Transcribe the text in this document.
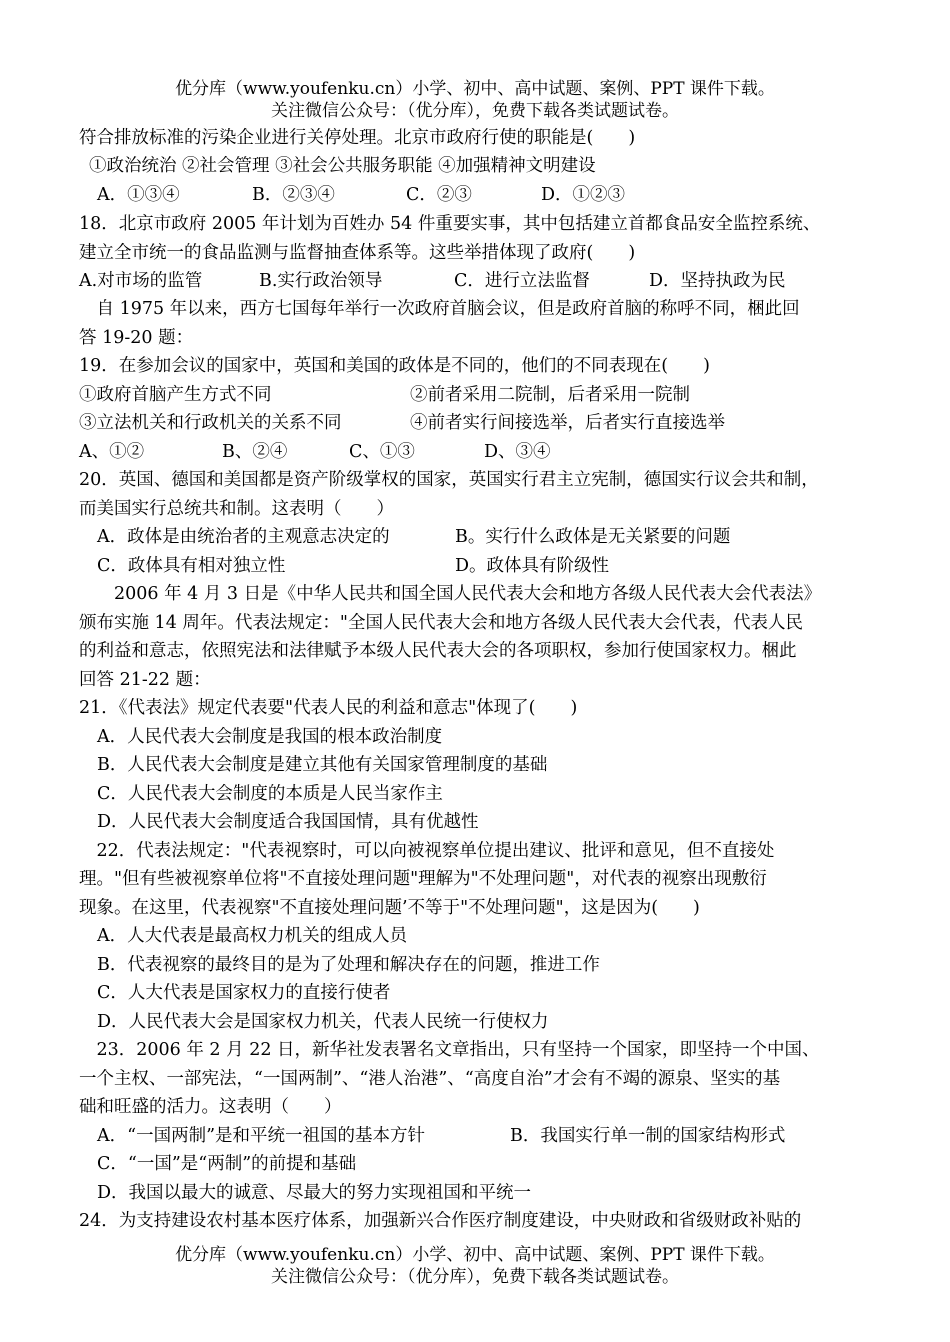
优分库（www.youfenku.cn）小学、初中、高中试题、案例、PPT 课件下载。
关注微信公众号：（优分库），免费下载各类试题试卷。
符合排放标准的污染企业进行关停处理。北京市政府行使的职能是(　　)
①政治统治 ②社会管理 ③社会公共服务职能 ④加强精神文明建设
A．①③④	B．②③④	C．②③	D．①②③
18．北京市政府 2005 年计划为百姓办 54 件重要实事，其中包括建立首都食品安全监控系统、
建立全市统一的食品监测与监督抽查体系等。这些举措体现了政府(　　)
A.对市场的监管	B.实行政治领导	C．进行立法监督	D．坚持执政为民
　自 1975 年以来，西方七国每年举行一次政府首脑会议，但是政府首脑的称呼不同，梱此回
答 19-20 题：
19．在参加会议的国家中，英国和美国的政体是不同的，他们的不同表现在(　　)
①政府首脑产生方式不同	②前者采用二院制，后者采用一院制
③立法机关和行政机关的关系不同	④前者实行间接选举，后者实行直接选举
A、①②	B、②④	C、①③	D、③④
20．英国、德国和美国都是资产阶级掌权的国家，英国实行君主立宪制，德国实行议会共和制，
而美国实行总统共和制。这表明（　　）
A．政体是由统治者的主观意志决定的	B。实行什么政体是无关紧要的问题
C．政体具有相对独立性	D。政体具有阶级性
　　2006 年 4 月 3 日是《中华人民共和国全国人民代表大会和地方各级人民代表大会代表法》
颁布实施 14 周年。代表法规定："全国人民代表大会和地方各级人民代表大会代表，代表人民
的利益和意志，依照宪法和法律赋予本级人民代表大会的各项职权，参加行使国家权力。梱此
回答 21-22 题：
21．《代表法》规定代表要"代表人民的利益和意志"体现了(　　)
A．人民代表大会制度是我国的根本政治制度
B．人民代表大会制度是建立其他有关国家管理制度的基础
C．人民代表大会制度的本质是人民当家作主
D．人民代表大会制度适合我国国情，具有优越性
　22．代表法规定："代表视察时，可以向被视察单位提出建议、批评和意见，但不直接处
理。"但有些被视察单位将"不直接处理问题"理解为"不处理问题"，对代表的视察出现敷衍
现象。在这里，代表视察"不直接处理问题’不等于"不处理问题"，这是因为(　　)
A．人大代表是最高权力机关的组成人员
B．代表视察的最终目的是为了处理和解决存在的问题，推进工作
C．人大代表是国家权力的直接行使者
D．人民代表大会是国家权力机关，代表人民统一行使权力
　23．2006 年 2 月 22 日，新华社发表署名文章指出，只有坚持一个国家，即坚持一个中国、
一个主权、一部宪法，“一国两制”、“港人治港”、“高度自治”才会有不竭的源泉、坚实的基
础和旺盛的活力。这表明（　　）
A．“一国两制”是和平统一祖国的基本方针	B．我国实行单一制的国家结构形式
C．“一国”是“两制”的前提和基础
D．我国以最大的诚意、尽最大的努力实现祖国和平统一
24．为支持建设农村基本医疗体系，加强新兴合作医疗制度建设，中央财政和省级财政补贴的
优分库（www.youfenku.cn）小学、初中、高中试题、案例、PPT 课件下载。
关注微信公众号：（优分库），免费下载各类试题试卷。
